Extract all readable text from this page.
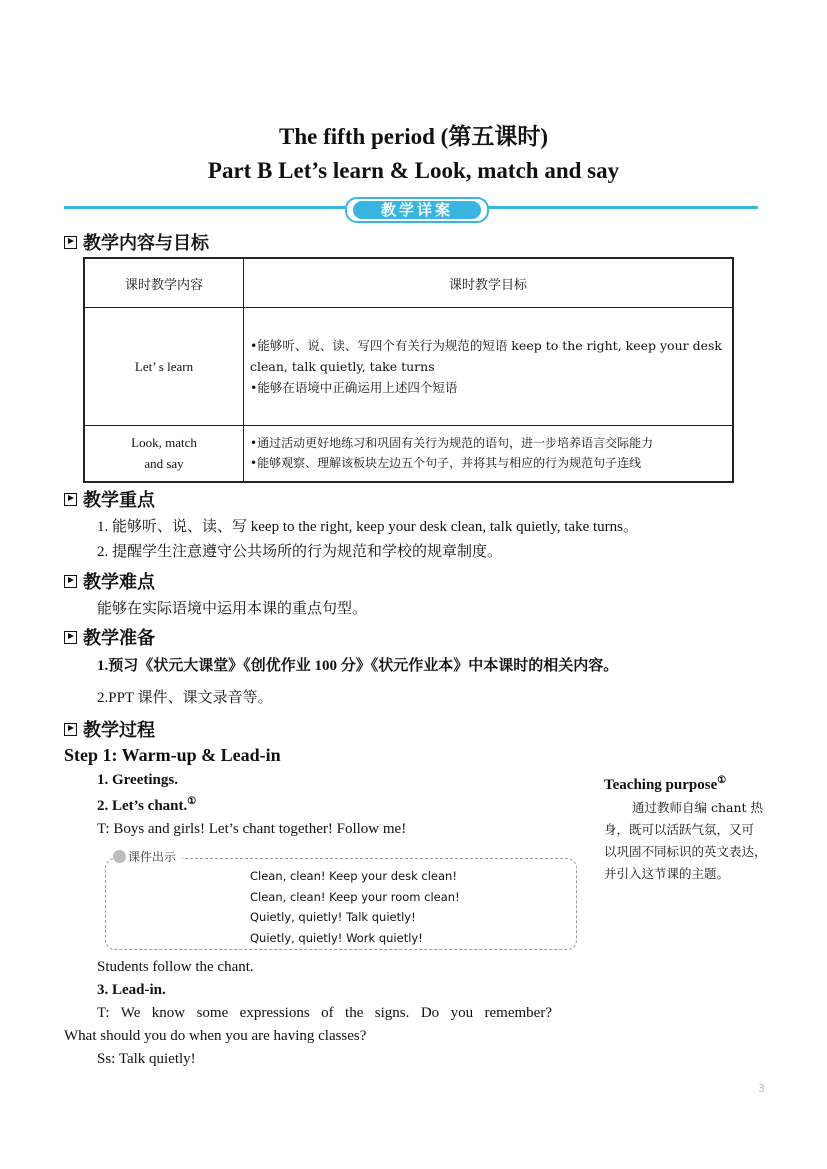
The fifth period (第五课时)
Part B Let’s learn & Look, match and say
教学详案
教学内容与目标
课时教学内容	课时教学目标
Let’ s learn	•能够听、说、读、写四个有关行为规范的短语 keep to the right, keep your desk clean, talk quietly, take turns
•能够在语境中正确运用上述四个短语

Look, match
and say	•通过活动更好地练习和巩固有关行为规范的语句，进一步培养语言交际能力
•能够观察、理解该板块左边五个句子，并将其与相应的行为规范句子连线
教学重点
1. 能够听、说、读、写 keep to the right, keep your desk clean, talk quietly, take turns。
2. 提醒学生注意遵守公共场所的行为规范和学校的规章制度。
教学难点
能够在实际语境中运用本课的重点句型。
教学准备
1.预习《状元大课堂》《创优作业 100 分》《状元作业本》中本课时的相关内容。
2.PPT 课件、课文录音等。
教学过程
Step 1: Warm-up & Lead-in
1. Greetings.
2. Let’s chant.①
T: Boys and girls! Let’s chant together! Follow me!
课件出示
Clean, clean! Keep your desk clean!
Clean, clean! Keep your room clean!
Quietly, quietly! Talk quietly!
Quietly, quietly! Work quietly!
Students follow the chant.
3. Lead-in.
T: We know some expressions of the signs. Do you remember?
What should you do when you are having classes?
Ss: Talk quietly!
Teaching purpose①
通过教师自编 chant 热
身，既可以活跃气氛，又可
以巩固不同标识的英文表达，
并引入这节课的主题。
3
